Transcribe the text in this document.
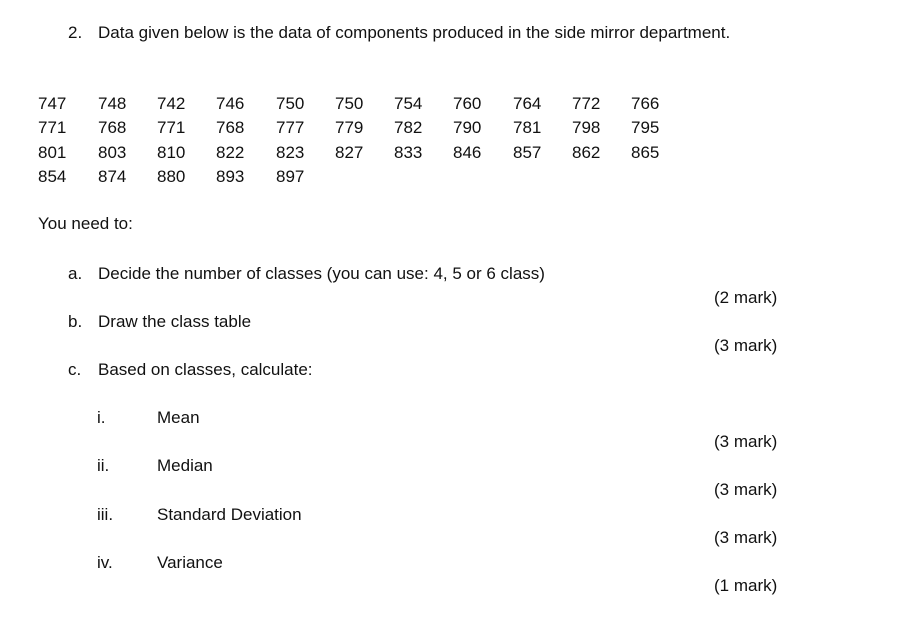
2. Data given below is the data of components produced in the side mirror department.
747 748 742 746 750 750 754 760 764 772 766
771 768 771 768 777 779 782 790 781 798 795
801 803 810 822 823 827 833 846 857 862 865
854 874 880 893 897
You need to:
a. Decide the number of classes (you can use: 4, 5 or 6 class)
(2 mark)
b. Draw the class table
(3 mark)
c. Based on classes, calculate:
i.	Mean
(3 mark)
ii.	Median
(3 mark)
iii.	Standard Deviation
(3 mark)
iv.	Variance
(1 mark)
